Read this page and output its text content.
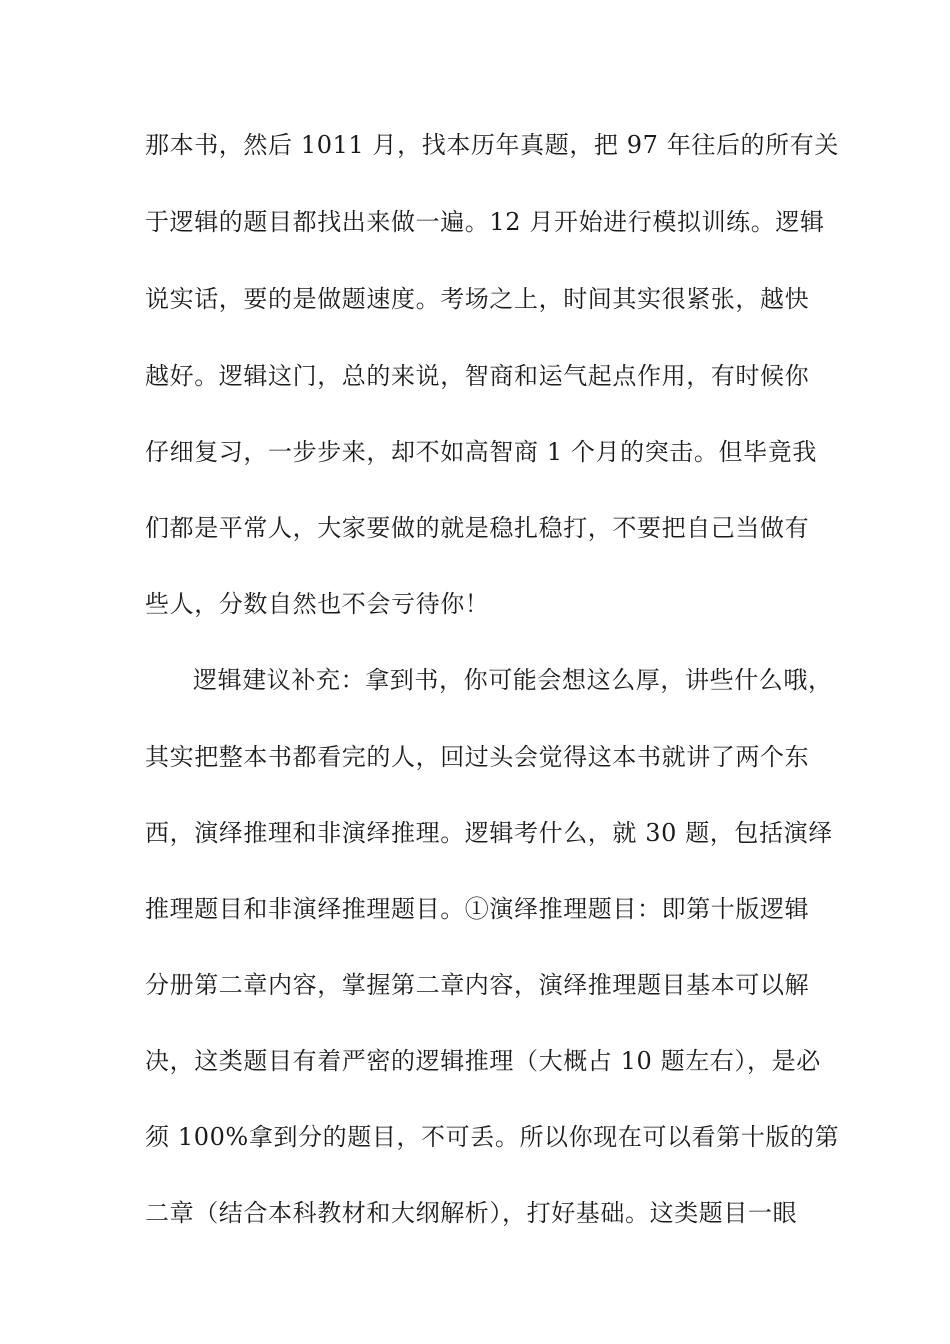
那本书，然后 1011 月，找本历年真题，把 97 年往后的所有关
于逻辑的题目都找出来做一遍。12 月开始进行模拟训练。逻辑
说实话，要的是做题速度。考场之上，时间其实很紧张，越快
越好。逻辑这门，总的来说，智商和运气起点作用，有时候你
仔细复习，一步步来，却不如高智商 1 个月的突击。但毕竟我
们都是平常人，大家要做的就是稳扎稳打，不要把自己当做有
些人，分数自然也不会亏待你！
逻辑建议补充：拿到书，你可能会想这么厚，讲些什么哦，
其实把整本书都看完的人，回过头会觉得这本书就讲了两个东
西，演绎推理和非演绎推理。逻辑考什么，就 30 题，包括演绎
推理题目和非演绎推理题目。①演绎推理题目：即第十版逻辑
分册第二章内容，掌握第二章内容，演绎推理题目基本可以解
决，这类题目有着严密的逻辑推理（大概占 10 题左右），是必
须 100%拿到分的题目，不可丢。所以你现在可以看第十版的第
二章（结合本科教材和大纲解析），打好基础。这类题目一眼
